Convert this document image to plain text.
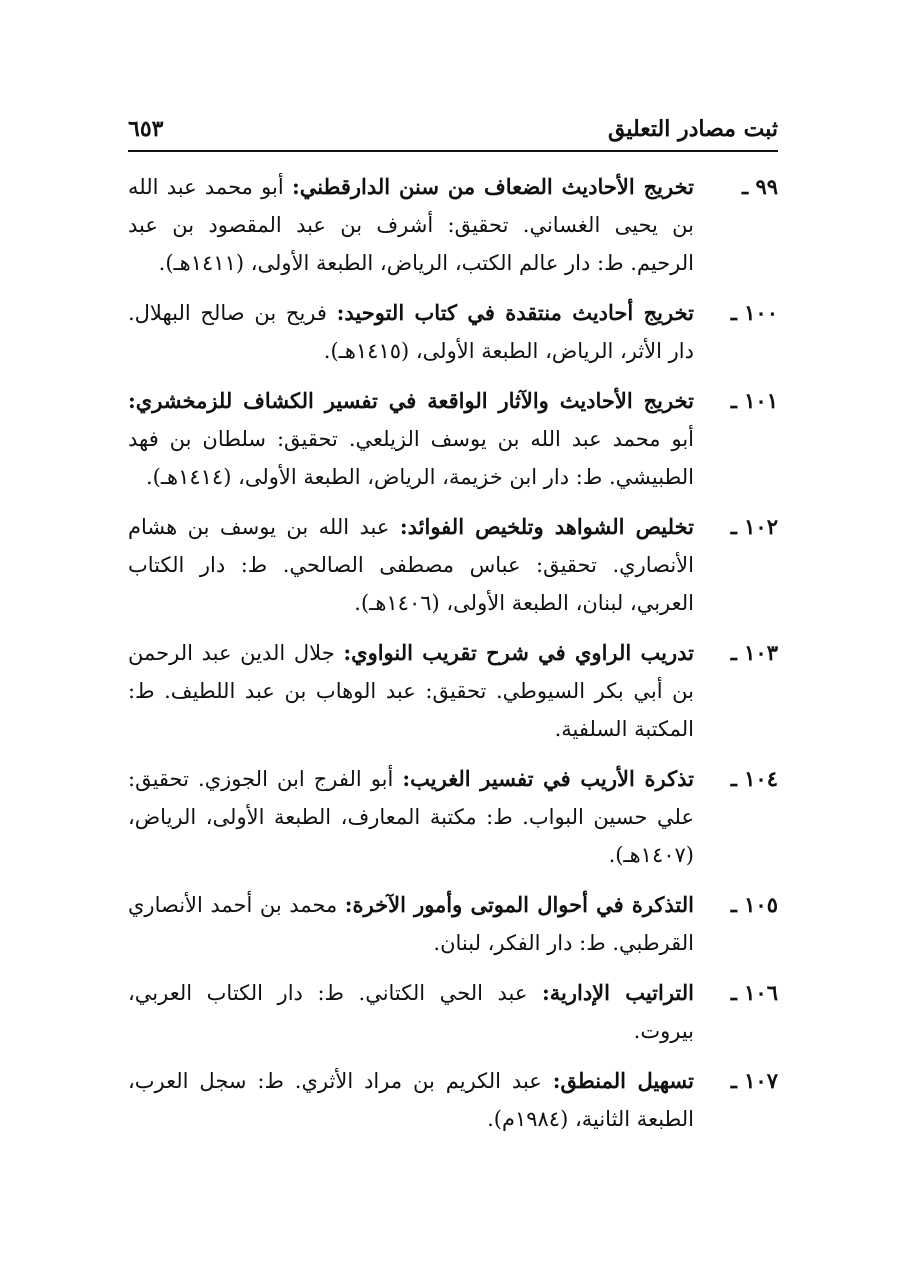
ثبت مصادر التعليق
٦٥٣
٩٩ ـ
تخريج الأحاديث الضعاف من سنن الدارقطني: أبو محمد عبد الله بن يحيى الغساني. تحقيق: أشرف بن عبد المقصود بن عبد الرحيم. ط: دار عالم الكتب، الرياض، الطبعة الأولى، (١٤١١هـ).
١٠٠ ـ
تخريج أحاديث منتقدة في كتاب التوحيد: فريح بن صالح البهلال. دار الأثر، الرياض، الطبعة الأولى، (١٤١٥هـ).
١٠١ ـ
تخريج الأحاديث والآثار الواقعة في تفسير الكشاف للزمخشري: أبو محمد عبد الله بن يوسف الزيلعي. تحقيق: سلطان بن فهد الطبيشي. ط: دار ابن خزيمة، الرياض، الطبعة الأولى، (١٤١٤هـ).
١٠٢ ـ
تخليص الشواهد وتلخيص الفوائد: عبد الله بن يوسف بن هشام الأنصاري. تحقيق: عباس مصطفى الصالحي. ط: دار الكتاب العربي، لبنان، الطبعة الأولى، (١٤٠٦هـ).
١٠٣ ـ
تدريب الراوي في شرح تقريب النواوي: جلال الدين عبد الرحمن بن أبي بكر السيوطي. تحقيق: عبد الوهاب بن عبد اللطيف. ط: المكتبة السلفية.
١٠٤ ـ
تذكرة الأريب في تفسير الغريب: أبو الفرج ابن الجوزي. تحقيق: علي حسين البواب. ط: مكتبة المعارف، الطبعة الأولى، الرياض، (١٤٠٧هـ).
١٠٥ ـ
التذكرة في أحوال الموتى وأمور الآخرة: محمد بن أحمد الأنصاري القرطبي. ط: دار الفكر، لبنان.
١٠٦ ـ
التراتيب الإدارية: عبد الحي الكتاني. ط: دار الكتاب العربي، بيروت.
١٠٧ ـ
تسهيل المنطق: عبد الكريم بن مراد الأثري. ط: سجل العرب، الطبعة الثانية، (١٩٨٤م).
